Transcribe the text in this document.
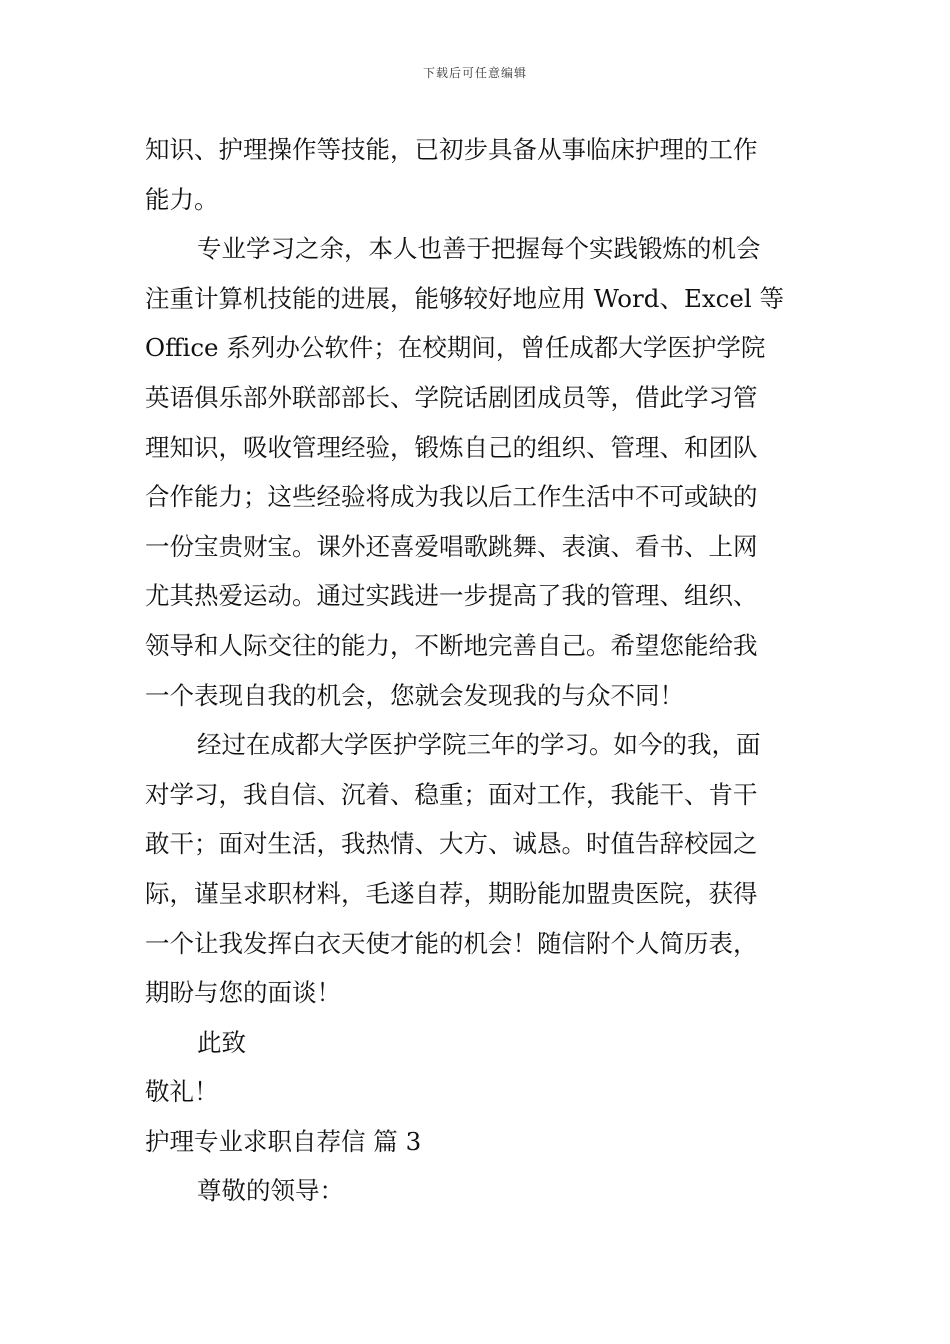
下载后可任意编辑
知识、护理操作等技能，已初步具备从事临床护理的工作
能力。
专业学习之余，本人也善于把握每个实践锻炼的机会
注重计算机技能的进展，能够较好地应用 Word、Excel 等
Office 系列办公软件；在校期间，曾任成都大学医护学院
英语俱乐部外联部部长、学院话剧团成员等，借此学习管
理知识，吸收管理经验，锻炼自己的组织、管理、和团队
合作能力；这些经验将成为我以后工作生活中不可或缺的
一份宝贵财宝。课外还喜爱唱歌跳舞、表演、看书、上网
尤其热爱运动。通过实践进一步提高了我的管理、组织、
领导和人际交往的能力，不断地完善自己。希望您能给我
一个表现自我的机会，您就会发现我的与众不同！
经过在成都大学医护学院三年的学习。如今的我，面
对学习，我自信、沉着、稳重；面对工作，我能干、肯干
敢干；面对生活，我热情、大方、诚恳。时值告辞校园之
际，谨呈求职材料，毛遂自荐，期盼能加盟贵医院，获得
一个让我发挥白衣天使才能的机会！随信附个人简历表，
期盼与您的面谈！
此致
敬礼！
护理专业求职自荐信 篇 3
尊敬的领导：
